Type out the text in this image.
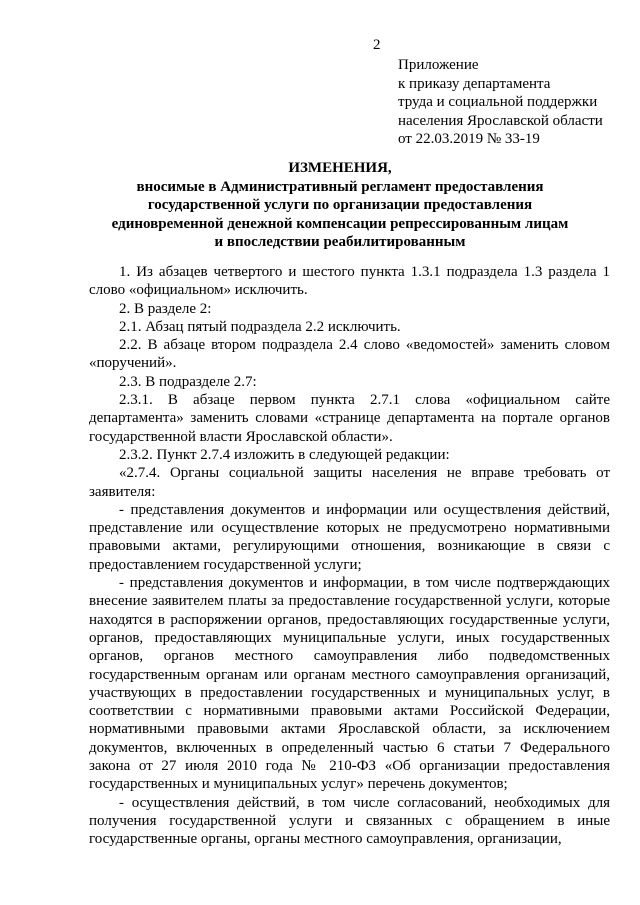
2
Приложение
к приказу департамента
труда и социальной поддержки
населения Ярославской области
от 22.03.2019 № 33-19
ИЗМЕНЕНИЯ,
вносимые в Административный регламент предоставления
государственной услуги по организации предоставления
единовременной денежной компенсации репрессированным лицам
и впоследствии реабилитированным

1. Из абзацев четвертого и шестого пункта 1.3.1 подраздела 1.3 раздела 1 слово «официальном» исключить.

2. В разделе 2:

2.1. Абзац пятый подраздела 2.2 исключить.

2.2. В абзаце втором подраздела 2.4 слово «ведомостей» заменить словом «поручений».

2.3. В подразделе 2.7:

2.3.1. В абзаце первом пункта 2.7.1 слова «официальном сайте департамента» заменить словами «странице департамента на портале органов государственной власти Ярославской области».

2.3.2. Пункт 2.7.4 изложить в следующей редакции:

«2.7.4. Органы социальной защиты населения не вправе требовать от заявителя:

- представления документов и информации или осуществления действий, представление или осуществление которых не предусмотрено нормативными правовыми актами, регулирующими отношения, возникающие в связи с предоставлением государственной услуги;

- представления документов и информации, в том числе подтверждающих внесение заявителем платы за предоставление государственной услуги, которые находятся в распоряжении органов, предоставляющих государственные услуги, органов, предоставляющих муниципальные услуги, иных государственных органов, органов местного самоуправления либо подведомственных государственным органам или органам местного самоуправления организаций, участвующих в предоставлении государственных и муниципальных услуг, в соответствии с нормативными правовыми актами Российской Федерации, нормативными правовыми актами Ярославской области, за исключением документов, включенных в определенный частью 6 статьи 7 Федерального закона от 27 июля 2010 года № 210-ФЗ «Об организации предоставления государственных и муниципальных услуг» перечень документов;

- осуществления действий, в том числе согласований, необходимых для получения государственной услуги и связанных с обращением в иные государственные органы, органы местного самоуправления, организации,
